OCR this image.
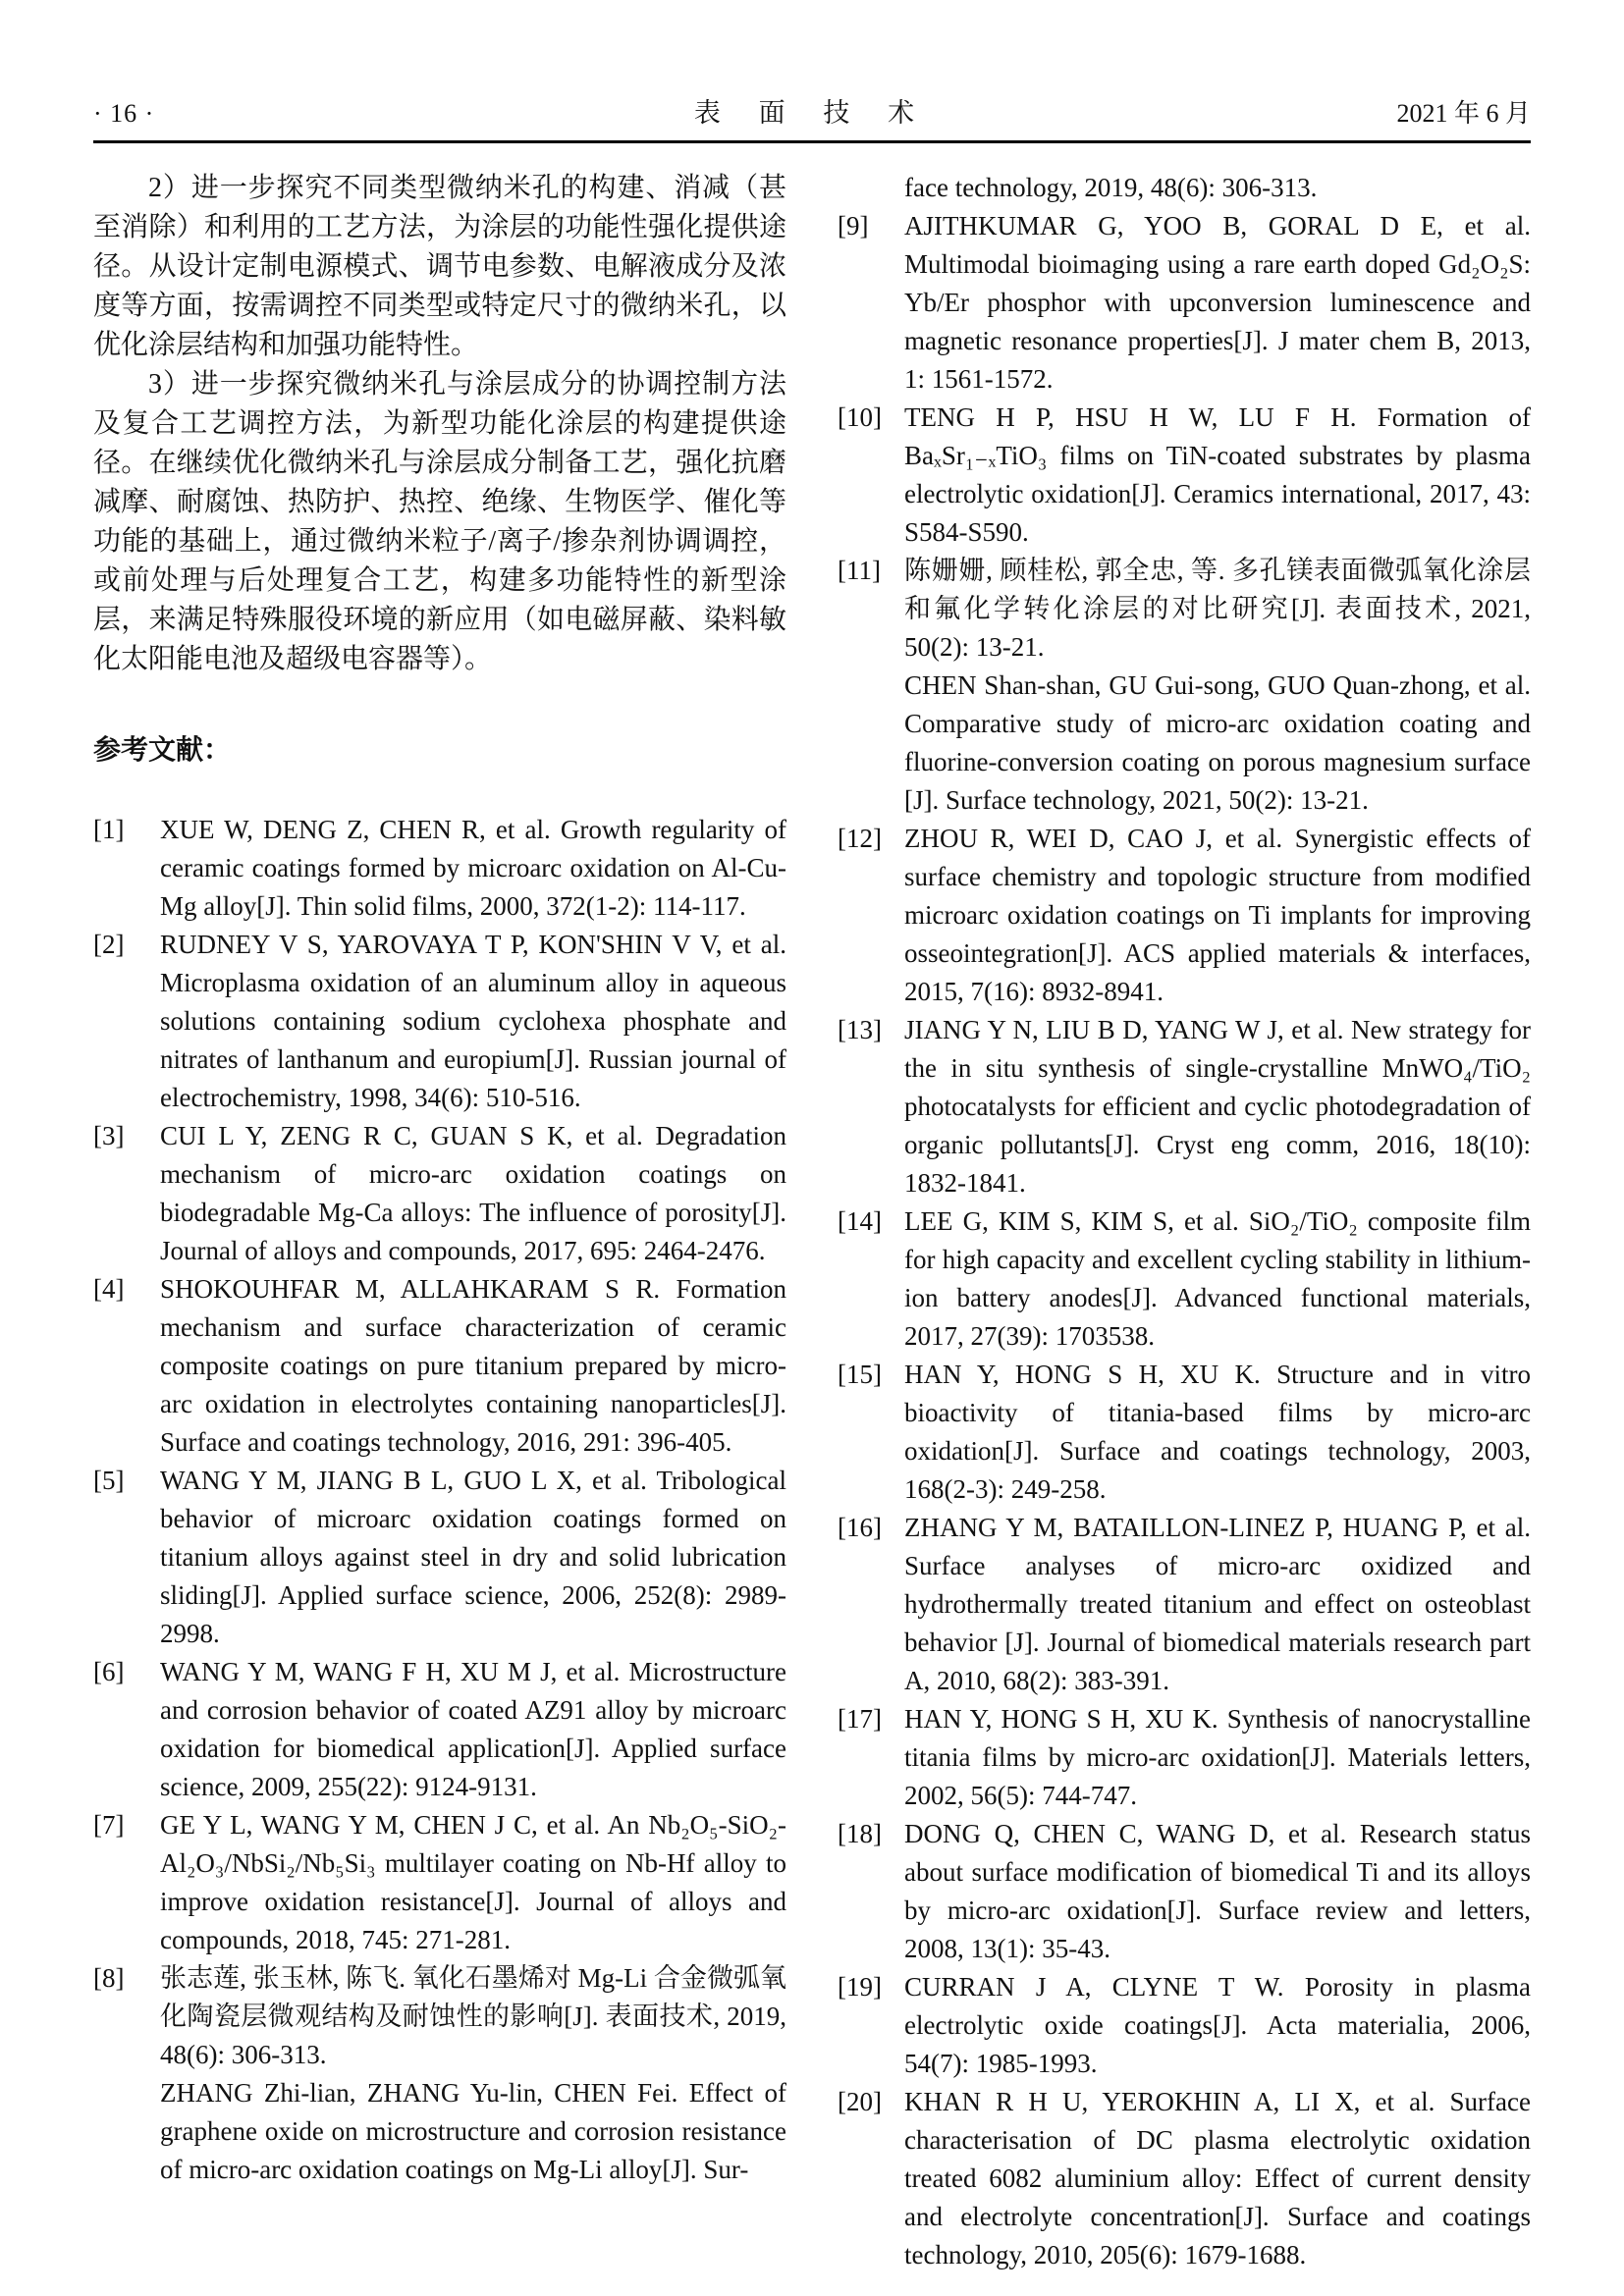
· 16 ·	表 面 技 术	2021 年 6 月

2）进一步探究不同类型微纳米孔的构建、消减（甚至消除）和利用的工艺方法，为涂层的功能性强化提供途径。从设计定制电源模式、调节电参数、电解液成分及浓度等方面，按需调控不同类型或特定尺寸的微纳米孔，以优化涂层结构和加强功能特性。

3）进一步探究微纳米孔与涂层成分的协调控制方法及复合工艺调控方法，为新型功能化涂层的构建提供途径。在继续优化微纳米孔与涂层成分制备工艺，强化抗磨减摩、耐腐蚀、热防护、热控、绝缘、生物医学、催化等功能的基础上，通过微纳米粒子/离子/掺杂剂协调调控，或前处理与后处理复合工艺，构建多功能特性的新型涂层，来满足特殊服役环境的新应用（如电磁屏蔽、染料敏化太阳能电池及超级电容器等）。

参考文献：
[1] XUE W, DENG Z, CHEN R, et al. Growth regularity of ceramic coatings formed by microarc oxidation on Al-Cu-Mg alloy[J]. Thin solid films, 2000, 372(1-2): 114-117.
[2] RUDNEY V S, YAROVAYA T P, KON'SHIN V V, et al. Microplasma oxidation of an aluminum alloy in aqueous solutions containing sodium cyclohexa phosphate and nitrates of lanthanum and europium[J]. Russian journal of electrochemistry, 1998, 34(6): 510-516.
[3] CUI L Y, ZENG R C, GUAN S K, et al. Degradation mechanism of micro-arc oxidation coatings on biodegradable Mg-Ca alloys: The influence of porosity[J]. Journal of alloys and compounds, 2017, 695: 2464-2476.
[4] SHOKOUHFAR M, ALLAHKARAM S R. Formation mechanism and surface characterization of ceramic composite coatings on pure titanium prepared by micro-arc oxidation in electrolytes containing nanoparticles[J]. Surface and coatings technology, 2016, 291: 396-405.
[5] WANG Y M, JIANG B L, GUO L X, et al. Tribological behavior of microarc oxidation coatings formed on titanium alloys against steel in dry and solid lubrication sliding[J]. Applied surface science, 2006, 252(8): 2989-2998.
[6] WANG Y M, WANG F H, XU M J, et al. Microstructure and corrosion behavior of coated AZ91 alloy by microarc oxidation for biomedical application[J]. Applied surface science, 2009, 255(22): 9124-9131.
[7] GE Y L, WANG Y M, CHEN J C, et al. An Nb₂O₅-SiO₂-Al₂O₃/NbSi₂/Nb₅Si₃ multilayer coating on Nb-Hf alloy to improve oxidation resistance[J]. Journal of alloys and compounds, 2018, 745: 271-281.
[8] 张志莲, 张玉林, 陈飞. 氧化石墨烯对 Mg-Li 合金微弧氧化陶瓷层微观结构及耐蚀性的影响[J]. 表面技术, 2019, 48(6): 306-313.
ZHANG Zhi-lian, ZHANG Yu-lin, CHEN Fei. Effect of graphene oxide on microstructure and corrosion resistance of micro-arc oxidation coatings on Mg-Li alloy[J]. Sur-
face technology, 2019, 48(6): 306-313.
[9] AJITHKUMAR G, YOO B, GORAL D E, et al. Multimodal bioimaging using a rare earth doped Gd₂O₂S: Yb/Er phosphor with upconversion luminescence and magnetic resonance properties[J]. J mater chem B, 2013, 1: 1561-1572.
[10] TENG H P, HSU H W, LU F H. Formation of BaₓSr₁₋ₓTiO₃ films on TiN-coated substrates by plasma electrolytic oxidation[J]. Ceramics international, 2017, 43: S584-S590.
[11] 陈姗姗, 顾桂松, 郭全忠, 等. 多孔镁表面微弧氧化涂层和氟化学转化涂层的对比研究[J]. 表面技术, 2021, 50(2): 13-21.
CHEN Shan-shan, GU Gui-song, GUO Quan-zhong, et al. Comparative study of micro-arc oxidation coating and fluorine-conversion coating on porous magnesium surface [J]. Surface technology, 2021, 50(2): 13-21.
[12] ZHOU R, WEI D, CAO J, et al. Synergistic effects of surface chemistry and topologic structure from modified microarc oxidation coatings on Ti implants for improving osseointegration[J]. ACS applied materials & interfaces, 2015, 7(16): 8932-8941.
[13] JIANG Y N, LIU B D, YANG W J, et al. New strategy for the in situ synthesis of single-crystalline MnWO₄/TiO₂ photocatalysts for efficient and cyclic photodegradation of organic pollutants[J]. Cryst eng comm, 2016, 18(10): 1832-1841.
[14] LEE G, KIM S, KIM S, et al. SiO₂/TiO₂ composite film for high capacity and excellent cycling stability in lithium-ion battery anodes[J]. Advanced functional materials, 2017, 27(39): 1703538.
[15] HAN Y, HONG S H, XU K. Structure and in vitro bioactivity of titania-based films by micro-arc oxidation[J]. Surface and coatings technology, 2003, 168(2-3): 249-258.
[16] ZHANG Y M, BATAILLON-LINEZ P, HUANG P, et al. Surface analyses of micro-arc oxidized and hydrothermally treated titanium and effect on osteoblast behavior [J]. Journal of biomedical materials research part A, 2010, 68(2): 383-391.
[17] HAN Y, HONG S H, XU K. Synthesis of nanocrystalline titania films by micro-arc oxidation[J]. Materials letters, 2002, 56(5): 744-747.
[18] DONG Q, CHEN C, WANG D, et al. Research status about surface modification of biomedical Ti and its alloys by micro-arc oxidation[J]. Surface review and letters, 2008, 13(1): 35-43.
[19] CURRAN J A, CLYNE T W. Porosity in plasma electrolytic oxide coatings[J]. Acta materialia, 2006, 54(7): 1985-1993.
[20] KHAN R H U, YEROKHIN A, LI X, et al. Surface characterisation of DC plasma electrolytic oxidation treated 6082 aluminium alloy: Effect of current density and electrolyte concentration[J]. Surface and coatings technology, 2010, 205(6): 1679-1688.
